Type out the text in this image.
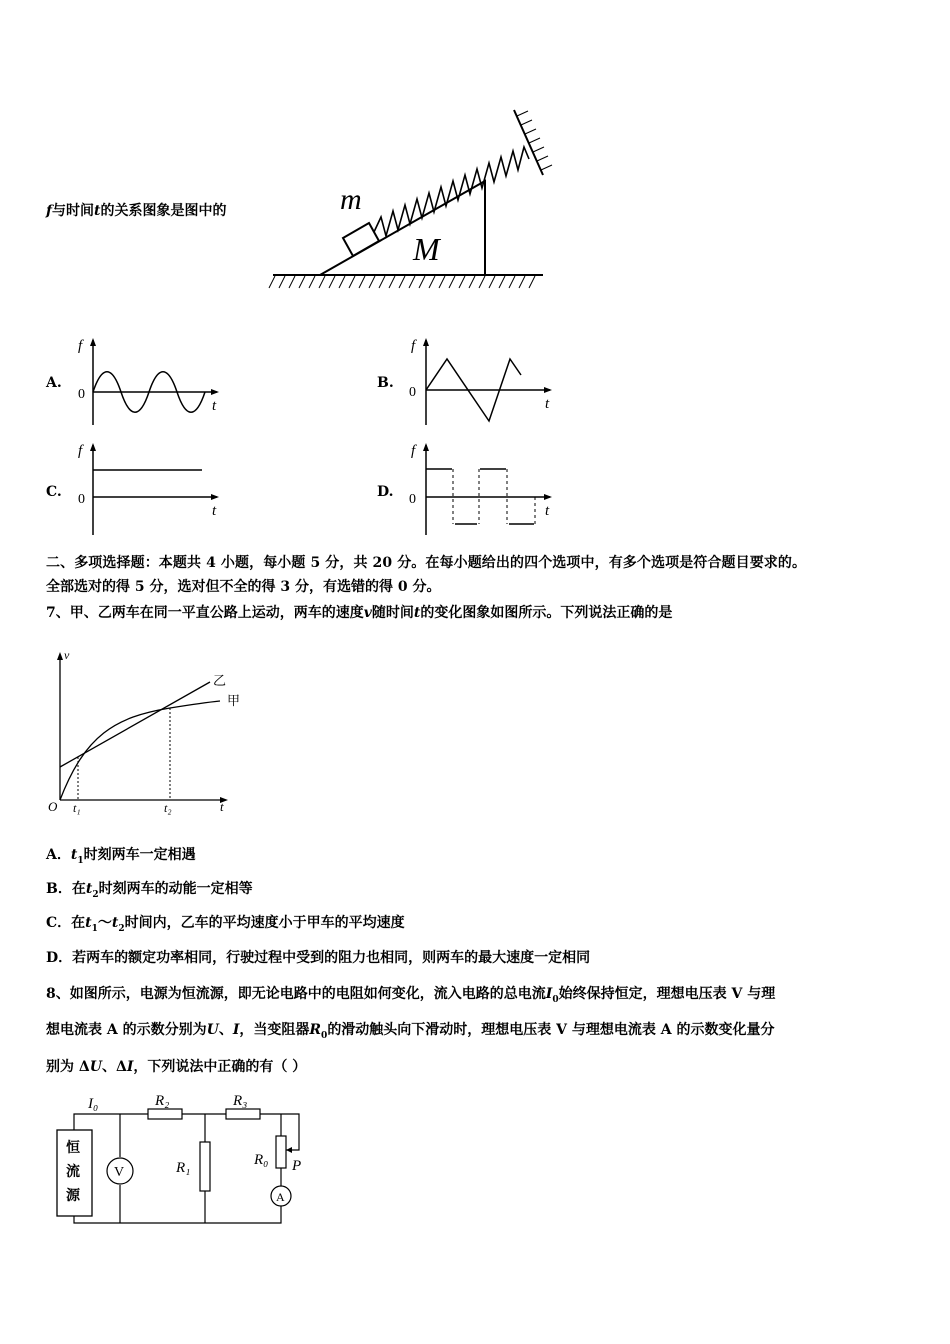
f与时间t的关系图象是图中的	m
M
A.
f
0
t
B.
f
0
t
C.
f
0
t
D.
f
0
t
二、多项选择题：本题共 4 小题，每小题 5 分，共 20 分。在每小题给出的四个选项中，有多个选项是符合题目要求的。
全部选对的得 5 分，选对但不全的得 3 分，有选错的得 0 分。
7、甲、乙两车在同一平直公路上运动，两车的速度v随时间t的变化图象如图所示。下列说法正确的是
v
O	t
t₁	t₂
乙
甲
A．$t_1$时刻两车一定相遇
B．在$t_2$时刻两车的动能一定相等
C．在$t_1\sim t_2$时间内，乙车的平均速度小于甲车的平均速度
D．若两车的额定功率相同，行驶过程中受到的阻力也相同，则两车的最大速度一定相同
8、如图所示，电源为恒流源，即无论电路中的电阻如何变化，流入电路的总电流$I_0$始终保持恒定，理想电压表 V 与理
想电流表 A 的示数分别为U、I，当变阻器$R_0$的滑动触头向下滑动时，理想电压表 V 与理想电流表 A 的示数变化量分
别为 ΔU、ΔI，下列说法中正确的有（ ）
恒
流
源
V
A
I₀	R₂	R₃
R₁	R₀ P
